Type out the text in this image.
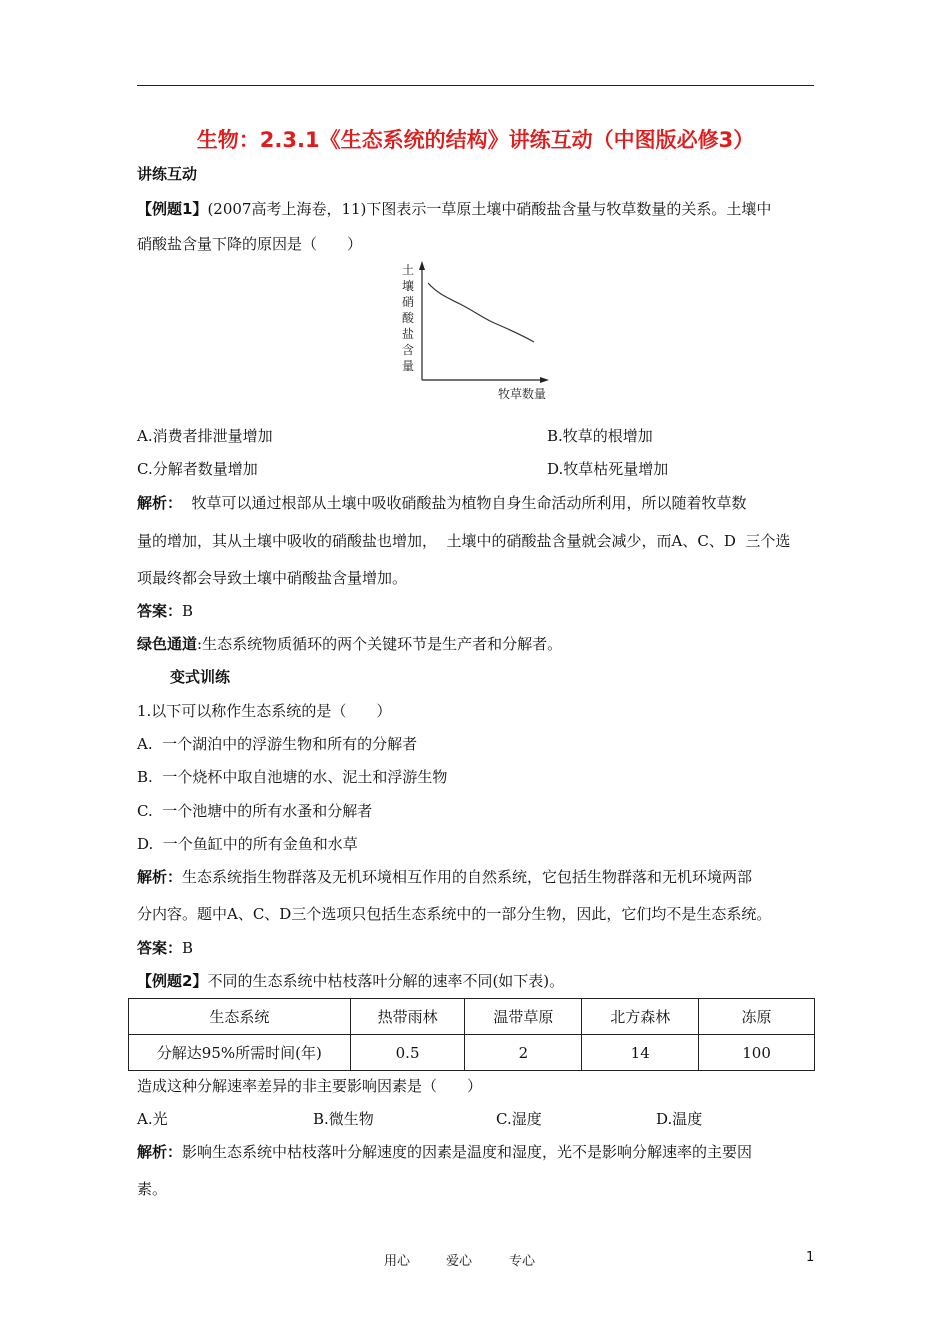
生物：2.3.1《生态系统的结构》讲练互动（中图版必修3）
讲练互动
【例题1】(2007高考上海卷，11)下图表示一草原土壤中硝酸盐含量与牧草数量的关系。土壤中
硝酸盐含量下降的原因是（　　）
土
壤
硝
酸
盐
含
量
牧草数量
A.消费者排泄量增加	B.牧草的根增加
C.分解者数量增加	D.牧草枯死量增加
解析：  牧草可以通过根部从土壤中吸收硝酸盐为植物自身生命活动所利用，所以随着牧草数
量的增加，其从土壤中吸收的硝酸盐也增加，  土壤中的硝酸盐含量就会减少，而A、C、D  三个选
项最终都会导致土壤中硝酸盐含量增加。
答案：B
绿色通道:生态系统物质循环的两个关键环节是生产者和分解者。
变式训练
1.以下可以称作生态系统的是（　　）
A.  一个湖泊中的浮游生物和所有的分解者
B.  一个烧杯中取自池塘的水、泥土和浮游生物
C.  一个池塘中的所有水蚤和分解者
D.  一个鱼缸中的所有金鱼和水草
解析：生态系统指生物群落及无机环境相互作用的自然系统，它包括生物群落和无机环境两部
分内容。题中A、C、D三个选项只包括生态系统中的一部分生物，因此，它们均不是生态系统。
答案：B
【例题2】不同的生态系统中枯枝落叶分解的速率不同(如下表)。
生态系统	热带雨林	温带草原	北方森林	冻原
分解达95%所需时间(年)	0.5	2	14	100
造成这种分解速率差异的非主要影响因素是（　　）
A.光	B.微生物	C.湿度	D.温度
解析：影响生态系统中枯枝落叶分解速度的因素是温度和湿度，光不是影响分解速率的主要因
素。
用心	爱心	专心	1
